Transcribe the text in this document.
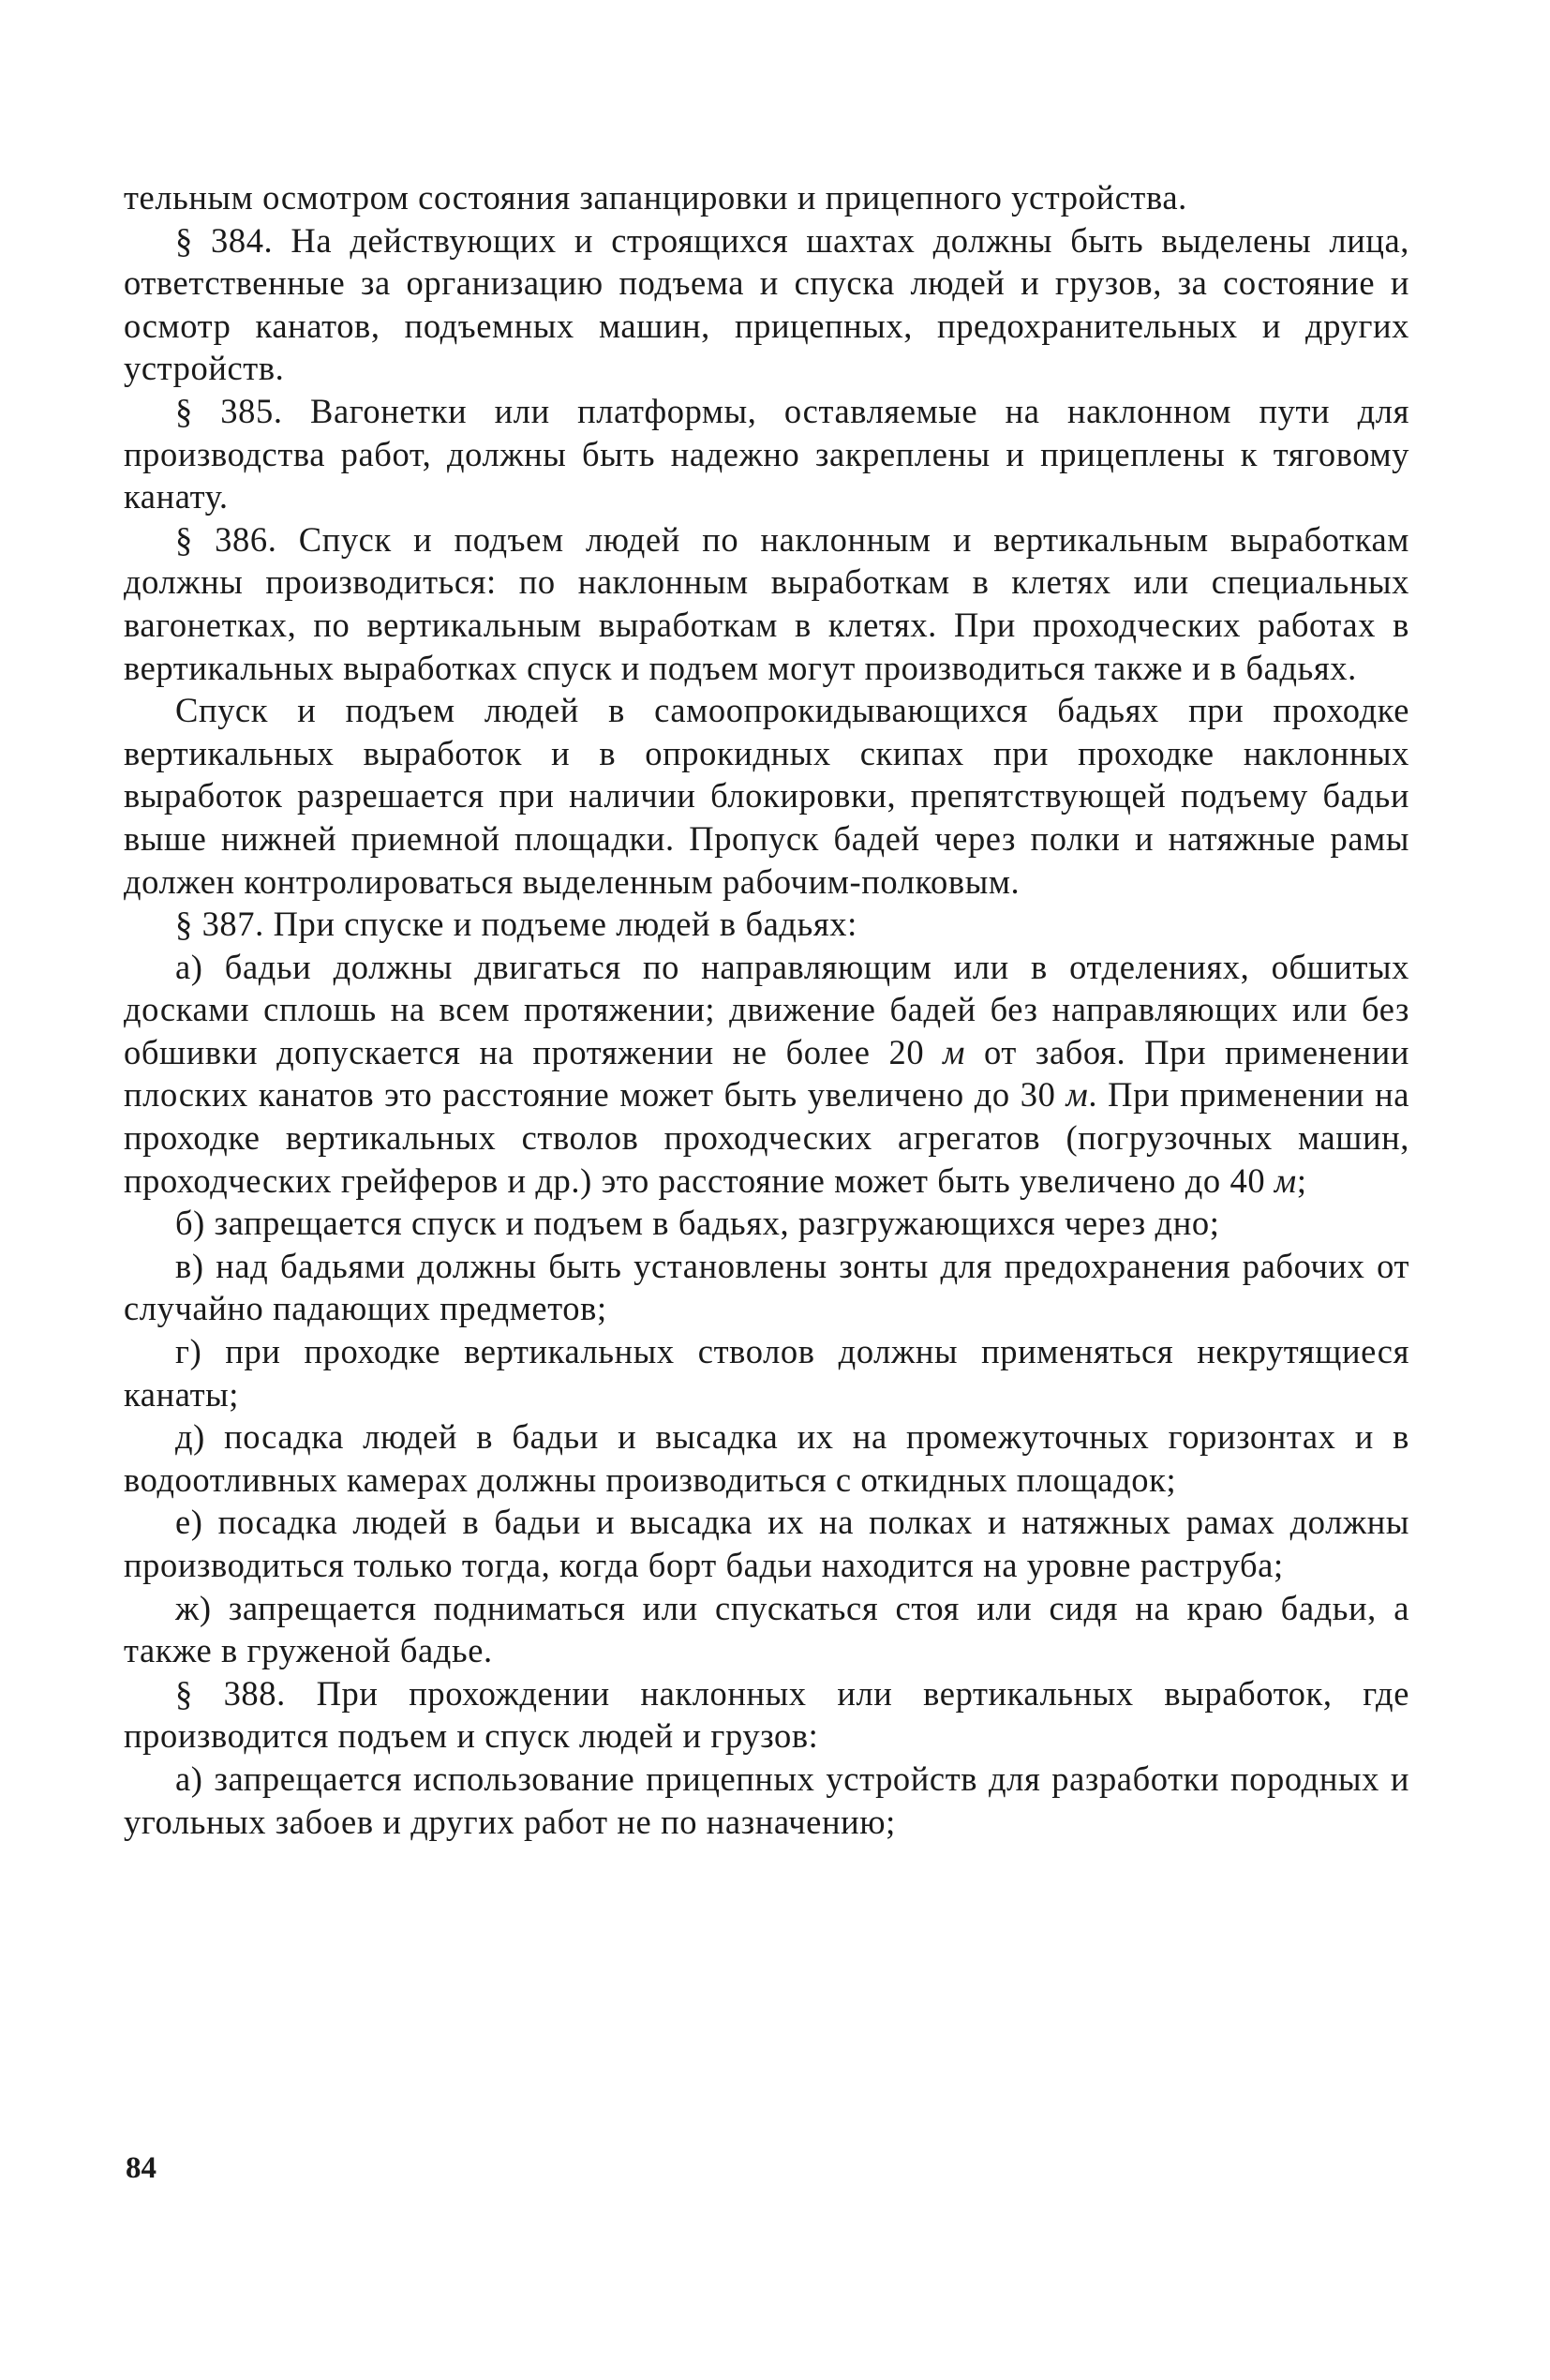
тельным осмотром состояния запанцировки и прицепного устройства.

§ 384. На действующих и строящихся шахтах должны быть выделены лица, ответственные за организацию подъема и спуска людей и грузов, за состояние и осмотр канатов, подъемных машин, прицепных, предохранительных и других устройств.

§ 385. Вагонетки или платформы, оставляемые на наклонном пути для производства работ, должны быть надежно закреплены и прицеплены к тяговому канату.

§ 386. Спуск и подъем людей по наклонным и вертикальным выработкам должны производиться: по наклонным выработкам в клетях или специальных вагонетках, по вертикальным выработкам в клетях. При проходческих работах в вертикальных выработках спуск и подъем могут производиться также и в бадьях.

Спуск и подъем людей в самоопрокидывающихся бадьях при проходке вертикальных выработок и в опрокидных скипах при проходке наклонных выработок разрешается при наличии блокировки, препятствующей подъему бадьи выше нижней приемной площадки. Пропуск бадей через полки и натяжные рамы должен контролироваться выделенным рабочим-полковым.

§ 387. При спуске и подъеме людей в бадьях:

а) бадьи должны двигаться по направляющим или в отделениях, обшитых досками сплошь на всем протяжении; движение бадей без направляющих или без обшивки допускается на протяжении не более 20 м от забоя. При применении плоских канатов это расстояние может быть увеличено до 30 м. При применении на проходке вертикальных стволов проходческих агрегатов (погрузочных машин, проходческих грейферов и др.) это расстояние может быть увеличено до 40 м;

б) запрещается спуск и подъем в бадьях, разгружающихся через дно;

в) над бадьями должны быть установлены зонты для предохранения рабочих от случайно падающих предметов;

г) при проходке вертикальных стволов должны применяться некрутящиеся канаты;

д) посадка людей в бадьи и высадка их на промежуточных горизонтах и в водоотливных камерах должны производиться с откидных площадок;

е) посадка людей в бадьи и высадка их на полках и натяжных рамах должны производиться только тогда, когда борт бадьи находится на уровне раструба;

ж) запрещается подниматься или спускаться стоя или сидя на краю бадьи, а также в груженой бадье.

§ 388. При прохождении наклонных или вертикальных выработок, где производится подъем и спуск людей и грузов:

а) запрещается использование прицепных устройств для разработки породных и угольных забоев и других работ не по назначению;

84
